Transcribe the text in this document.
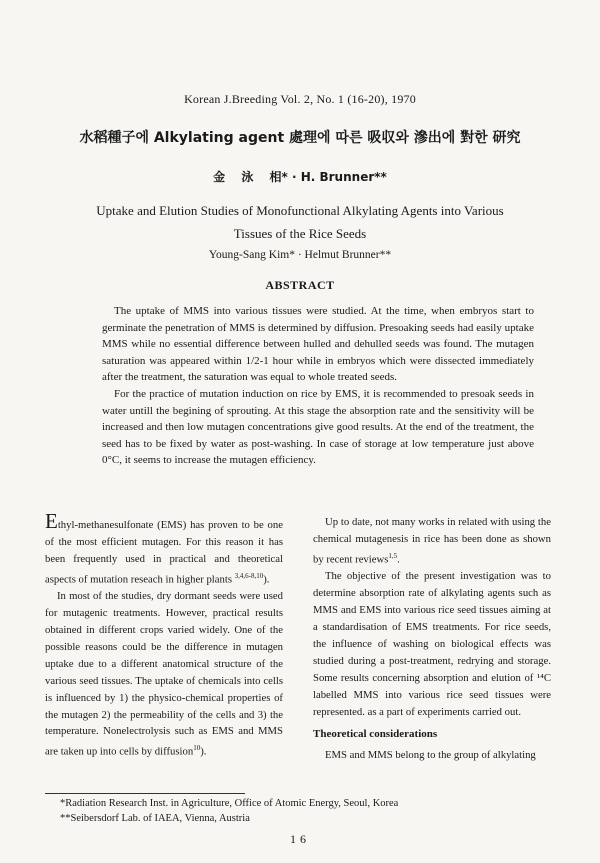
Korean J.Breeding Vol. 2, No. 1 (16-20), 1970
水稻種子에 Alkylating agent 處理에 따른 吸収와 滲出에 對한 研究
金　 泳　 相* · H. Brunner**
Uptake and Elution Studies of Monofunctional Alkylating Agents into Various
Tissues of the Rice Seeds
Young-Sang Kim* · Helmut Brunner**
ABSTRACT

The uptake of MMS into various tissues were studied. At the time, when embryos start to germinate the penetration of MMS is determined by diffusion. Presoaking seeds had easily uptake MMS while no essential difference between hulled and dehulled seeds was found. The mutagen saturation was appeared within 1/2-1 hour while in embryos which were dissected immediately after the treatment, the saturation was equal to whole treated seeds.

For the practice of mutation induction on rice by EMS, it is recommended to presoak seeds in water untill the begining of sprouting. At this stage the absorption rate and the sensitivity will be increased and then low mutagen concentrations give good results. At the end of the treatment, the seed has to be fixed by water as post-washing. In case of storage at low temperature just above 0°C, it seems to increase the mutagen efficiency.

Ethyl-methanesulfonate (EMS) has proven to be one of the most efficient mutagen. For this reason it has been frequently used in practical and theoretical aspects of mutation reseach in higher plants $^{3,4,6-8,10}$).

In most of the studies, dry dormant seeds were used for mutagenic treatments. However, practical results obtained in different crops varied widely. One of the possible reasons could be the difference in mutagen uptake due to a different anatomical structure of the various seed tissues. The uptake of chemicals into cells is influenced by 1) the physico-chemical properties of the mutagen 2) the permeability of the cells and 3) the temperature. Nonelectrolysis such as EMS and MMS are taken up into cells by diffusion$^{10}$).

Up to date, not many works in related with using the chemical mutagenesis in rice has been done as shown by recent reviews$^{1,5}$.

The objective of the present investigation was to determine absorption rate of alkylating agents such as MMS and EMS into various rice seed tissues aiming at a standardisation of EMS treatments. For rice seeds, the influence of washing on biological effects was studied during a post-treatment, redrying and storage. Some results concerning absorption and elution of ¹⁴C labelled MMS into various rice seed tissues were represented. as a part of experiments carried out.

Theoretical considerations

EMS and MMS belong to the group of alkylating

*Radiation Research Inst. in Agriculture, Office of Atomic Energy, Seoul, Korea
**Seibersdorf Lab. of IAEA, Vienna, Austria
16
